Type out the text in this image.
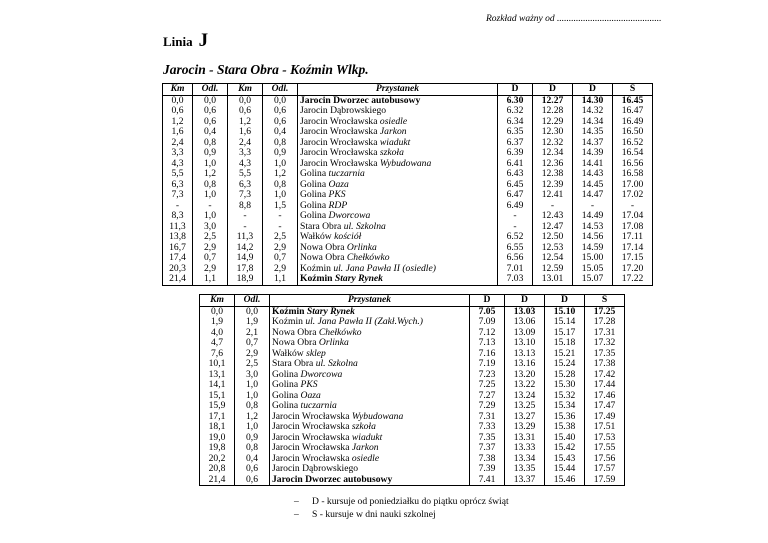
Rozkład ważny od ............................................
Linia J
Jarocin - Stara Obra - Koźmin Wlkp.
Km	Odl.	Km	Odl.	Przystanek	D	D	D	S
0,0	0,0	0,0	0,0	Jarocin Dworzec autobusowy	6.30	12.27	14.30	16.45
0,6	0,6	0,6	0,6	Jarocin Dąbrowskiego	6.32	12.28	14.32	16.47
1,2	0,6	1,2	0,6	Jarocin Wrocławska osiedle	6.34	12.29	14.34	16.49
1,6	0,4	1,6	0,4	Jarocin Wrocławska Jarkon	6.35	12.30	14.35	16.50
2,4	0,8	2,4	0,8	Jarocin Wrocławska wiadukt	6.37	12.32	14.37	16.52
3,3	0,9	3,3	0,9	Jarocin Wrocławska szkoła	6.39	12.34	14.39	16.54
4,3	1,0	4,3	1,0	Jarocin Wrocławska Wybudowana	6.41	12.36	14.41	16.56
5,5	1,2	5,5	1,2	Golina tuczarnia	6.43	12.38	14.43	16.58
6,3	0,8	6,3	0,8	Golina Oaza	6.45	12.39	14.45	17.00
7,3	1,0	7,3	1,0	Golina PKS	6.47	12.41	14.47	17.02
-	-	8,8	1,5	Golina RDP	6.49	-	-	-
8,3	1,0	-	-	Golina Dworcowa	-	12.43	14.49	17.04
11,3	3,0	-	-	Stara Obra ul. Szkolna	-	12.47	14.53	17.08
13,8	2,5	11,3	2,5	Wałków kościół	6.52	12.50	14.56	17.11
16,7	2,9	14,2	2,9	Nowa Obra Orlinka	6.55	12.53	14.59	17.14
17,4	0,7	14,9	0,7	Nowa Obra Chełkówko	6.56	12.54	15.00	17.15
20,3	2,9	17,8	2,9	Koźmin ul. Jana Pawła II (osiedle)	7.01	12.59	15.05	17.20
21,4	1,1	18,9	1,1	Koźmin Stary Rynek	7.03	13.01	15.07	17.22
Km	Odl.	Przystanek	D	D	D	S
0,0	0,0	Koźmin Stary Rynek	7.05	13.03	15.10	17.25
1,9	1,9	Koźmin ul. Jana Pawła II (Zakł.Wych.)	7.09	13.06	15.14	17.28
4,0	2,1	Nowa Obra Chełkówko	7.12	13.09	15.17	17.31
4,7	0,7	Nowa Obra Orlinka	7.13	13.10	15.18	17.32
7,6	2,9	Wałków sklep	7.16	13.13	15.21	17.35
10,1	2,5	Stara Obra ul. Szkolna	7.19	13.16	15.24	17.38
13,1	3,0	Golina Dworcowa	7.23	13.20	15.28	17.42
14,1	1,0	Golina PKS	7.25	13.22	15.30	17.44
15,1	1,0	Golina Oaza	7.27	13.24	15.32	17.46
15,9	0,8	Golina tuczarnia	7.29	13.25	15.34	17.47
17,1	1,2	Jarocin Wrocławska Wybudowana	7.31	13.27	15.36	17.49
18,1	1,0	Jarocin Wrocławska szkoła	7.33	13.29	15.38	17.51
19,0	0,9	Jarocin Wrocławska wiadukt	7.35	13.31	15.40	17.53
19,8	0,8	Jarocin Wrocławska Jarkon	7.37	13.33	15.42	17.55
20,2	0,4	Jarocin Wrocławska osiedle	7.38	13.34	15.43	17.56
20,8	0,6	Jarocin Dąbrowskiego	7.39	13.35	15.44	17.57
21,4	0,6	Jarocin Dworzec autobusowy	7.41	13.37	15.46	17.59
– D - kursuje od poniedziałku do piątku oprócz świąt
– S - kursuje w dni nauki szkolnej
